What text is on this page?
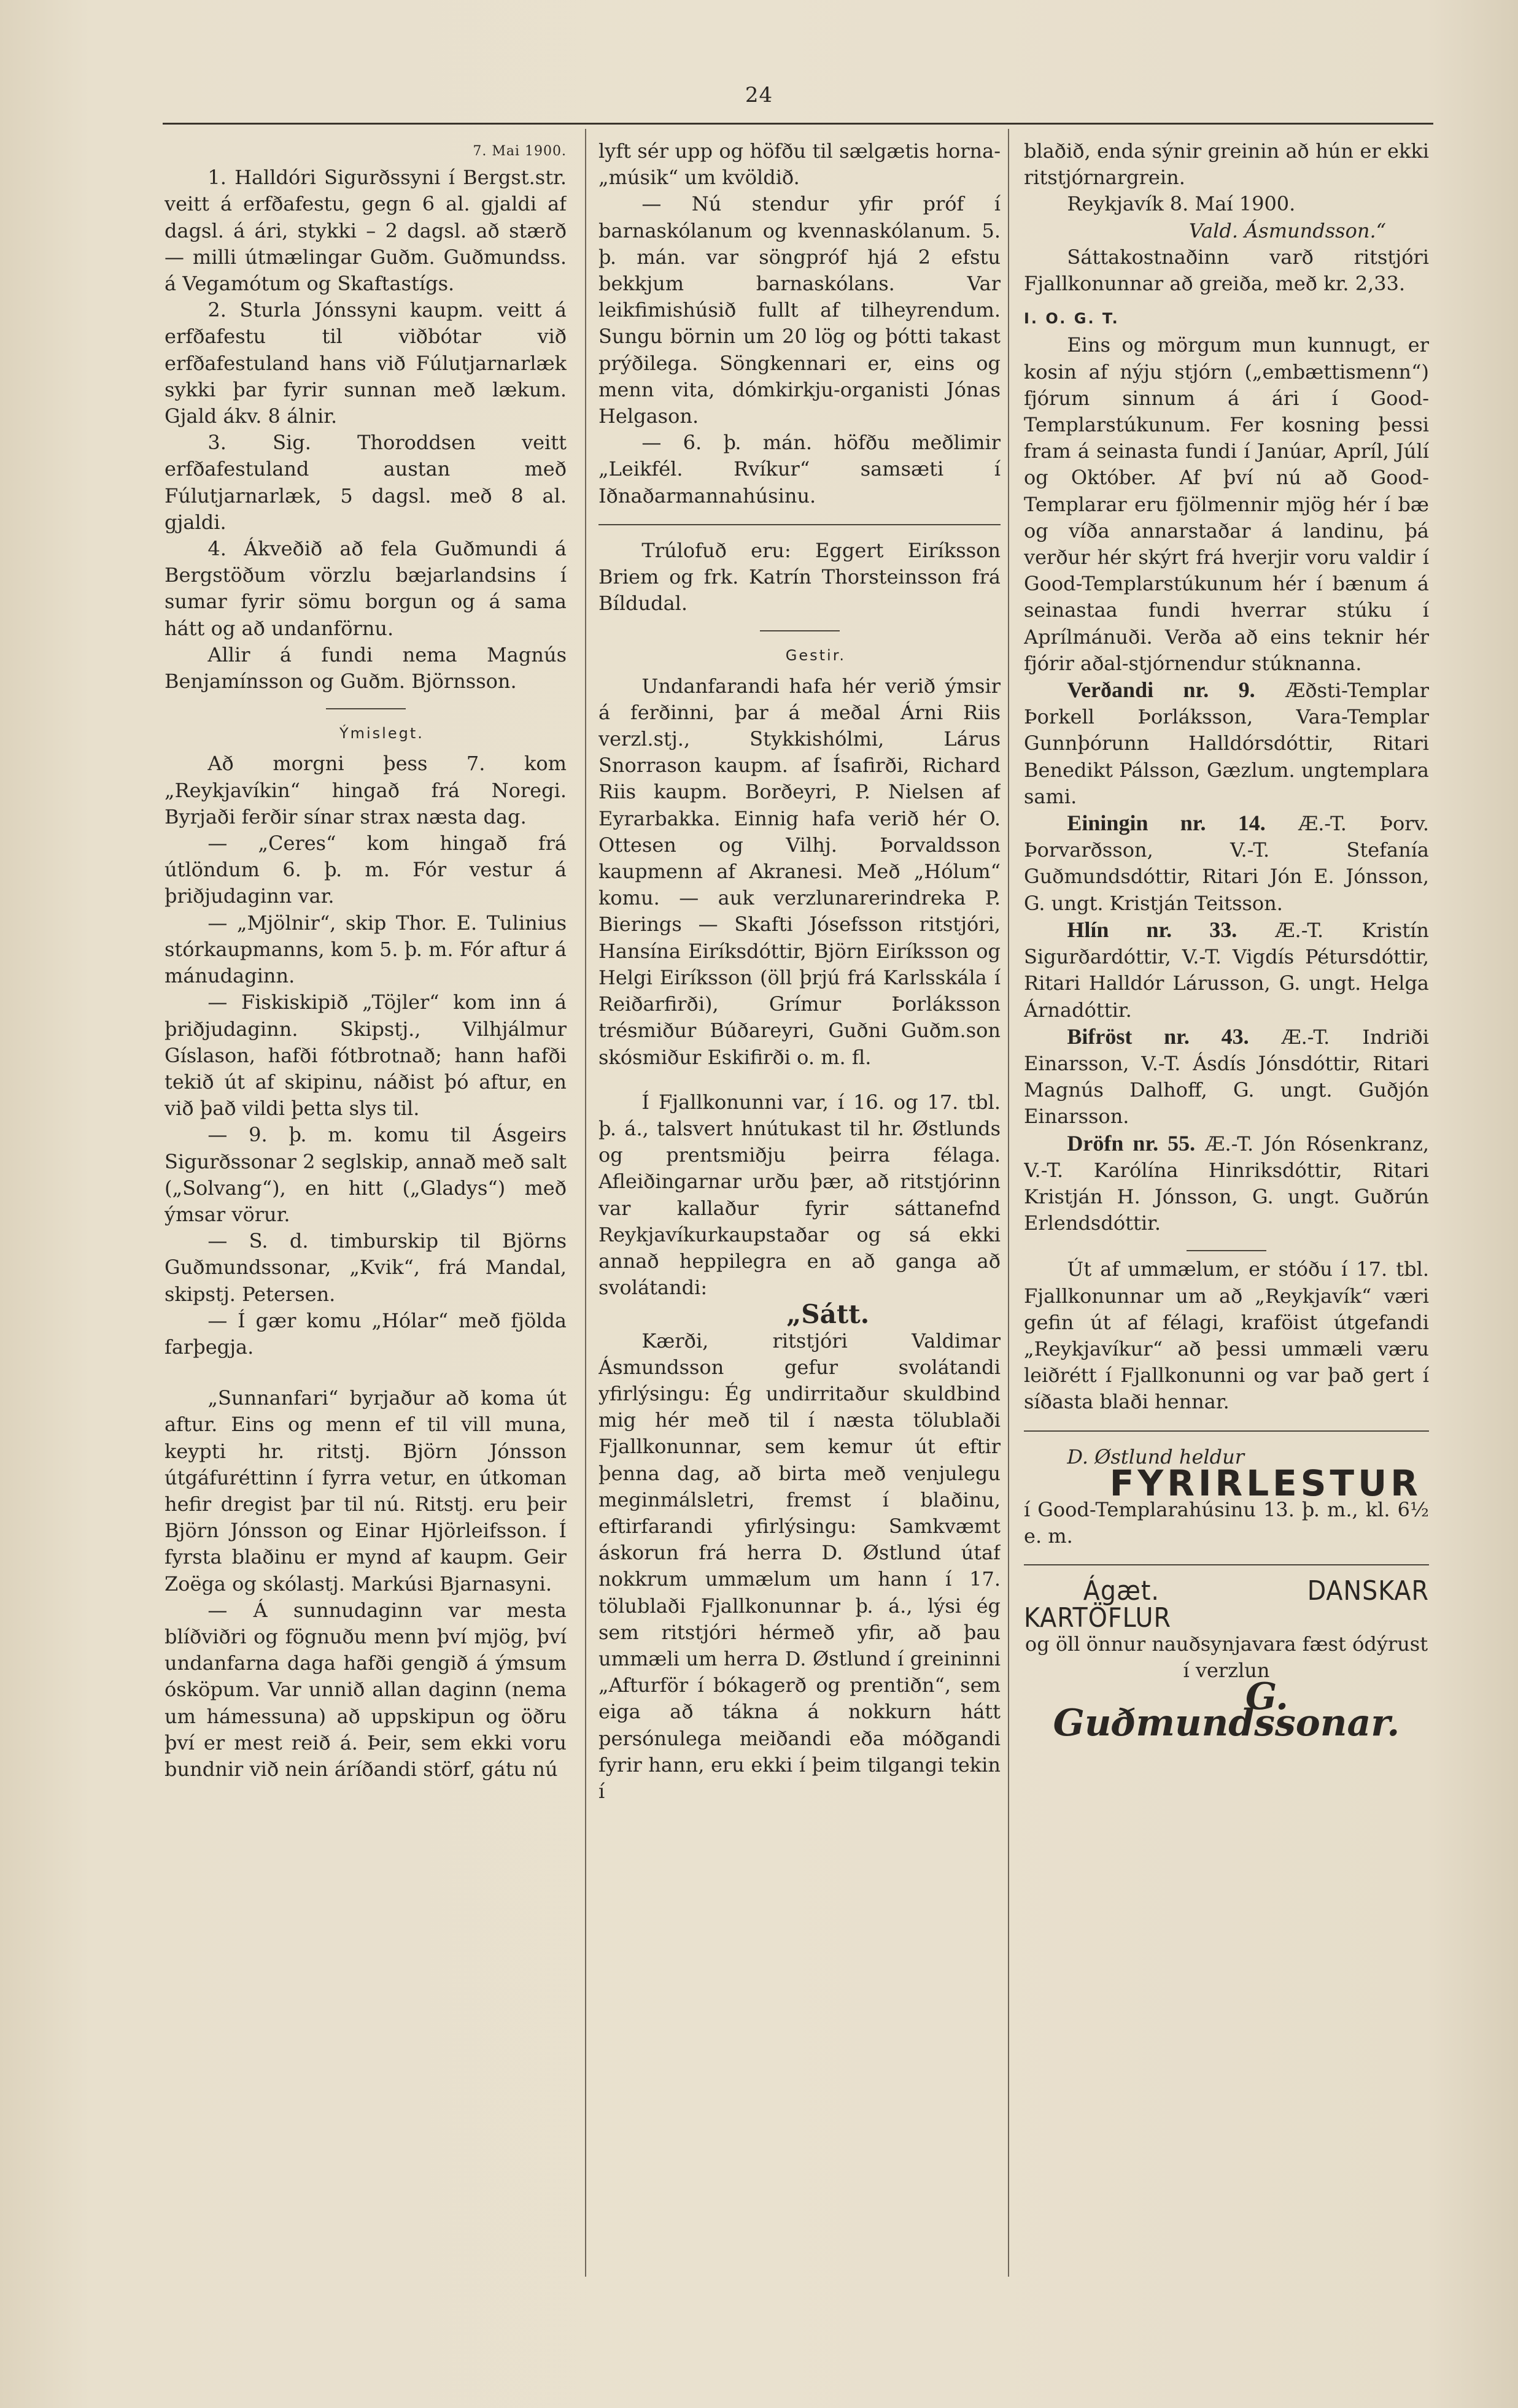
24

7. Mai 1900.

1. Halldóri Sigurðssyni í Bergst.str. veitt á erfðafestu, gegn 6 al. gjaldi af dagsl. á ári, stykki – 2 dagsl. að stærð — milli útmælingar Guðm. Guðmundss. á Vegamótum og Skaftastígs.

2. Sturla Jónssyni kaupm. veitt á erfðafestu til viðbótar við erfðafestuland hans við Fúlutjarnarlæk sykki þar fyrir sunnan með lækum. Gjald ákv. 8 álnir.

3. Sig. Thoroddsen veitt erfðafestuland austan með Fúlutjarnarlæk, 5 dagsl. með 8 al. gjaldi.

4. Ákveðið að fela Guðmundi á Bergstöðum vörzlu bæjarlandsins í sumar fyrir sömu borgun og á sama hátt og að undanförnu.

Allir á fundi nema Magnús Benjamínsson og Guðm. Björnsson.

Ýmislegt.

Að morgni þess 7. kom „Reykjavíkin“ hingað frá Noregi. Byrjaði ferðir sínar strax næsta dag.

— „Ceres“ kom hingað frá útlöndum 6. þ. m. Fór vestur á þriðjudaginn var.

— „Mjölnir“, skip Thor. E. Tulinius stórkaupmanns, kom 5. þ. m. Fór aftur á mánudaginn.

— Fiskiskipið „Töjler“ kom inn á þriðjudaginn. Skipstj., Vilhjálmur Gíslason, hafði fótbrotnað; hann hafði tekið út af skipinu, náðist þó aftur, en við það vildi þetta slys til.

— 9. þ. m. komu til Ásgeirs Sigurðssonar 2 seglskip, annað með salt („Solvang“), en hitt („Gladys“) með ýmsar vörur.

— S. d. timburskip til Björns Guðmundssonar, „Kvik“, frá Mandal, skipstj. Petersen.

— Í gær komu „Hólar“ með fjölda farþegja.

„Sunnanfari“ byrjaður að koma út aftur. Eins og menn ef til vill muna, keypti hr. ritstj. Björn Jónsson útgáfuréttinn í fyrra vetur, en útkoman hefir dregist þar til nú. Ritstj. eru þeir Björn Jónsson og Einar Hjörleifsson. Í fyrsta blaðinu er mynd af kaupm. Geir Zoëga og skólastj. Markúsi Bjarnasyni.

— Á sunnudaginn var mesta blíðviðri og fögnuðu menn því mjög, því undanfarna daga hafði gengið á ýmsum ósköpum. Var unnið allan daginn (nema um hámessuna) að uppskipun og öðru því er mest reið á. Þeir, sem ekki voru bundnir við nein áríðandi störf, gátu nú

lyft sér upp og höfðu til sælgætis horna-„músik“ um kvöldið.

— Nú stendur yfir próf í barnaskólanum og kvennaskólanum. 5. þ. mán. var söngpróf hjá 2 efstu bekkjum barnaskólans. Var leikfimishúsið fullt af tilheyrendum. Sungu börnin um 20 lög og þótti takast prýðilega. Söngkennari er, eins og menn vita, dómkirkju-organisti Jónas Helgason.

— 6. þ. mán. höfðu meðlimir „Leikfél. Rvíkur“ samsæti í Iðnaðarmannahúsinu.

Trúlofuð eru: Eggert Eiríksson Briem og frk. Katrín Thorsteinsson frá Bíldudal.

Gestir.

Undanfarandi hafa hér verið ýmsir á ferðinni, þar á meðal Árni Riis verzl.stj., Stykkishólmi, Lárus Snorrason kaupm. af Ísafirði, Richard Riis kaupm. Borðeyri, P. Nielsen af Eyrarbakka. Einnig hafa verið hér O. Ottesen og Vilhj. Þorvaldsson kaupmenn af Akranesi. Með „Hólum“ komu. — auk verzlunarerindreka P. Bierings — Skafti Jósefsson ritstjóri, Hansína Eiríksdóttir, Björn Eiríksson og Helgi Eiríksson (öll þrjú frá Karlsskála í Reiðarfirði), Grímur Þorláksson trésmiður Búðareyri, Guðni Guðm.son skósmiður Eskifirði o. m. fl.

Í Fjallkonunni var, í 16. og 17. tbl. þ. á., talsvert hnútukast til hr. Østlunds og prentsmiðju þeirra félaga. Afleiðingarnar urðu þær, að ritstjórinn var kallaður fyrir sáttanefnd Reykjavíkurkaupstaðar og sá ekki annað heppilegra en að ganga að svolátandi:

„Sátt.

Kærði, ritstjóri Valdimar Ásmundsson gefur svolátandi yfirlýsingu: Ég undirritaður skuldbind mig hér með til í næsta tölublaði Fjallkonunnar, sem kemur út eftir þenna dag, að birta með venjulegu meginmálsletri, fremst í blaðinu, eftirfarandi yfirlýsingu: Samkvæmt áskorun frá herra D. Østlund útaf nokkrum ummælum um hann í 17. tölublaði Fjallkonunnar þ. á., lýsi ég sem ritstjóri hérmeð yfir, að þau ummæli um herra D. Østlund í greininni „Afturför í bókagerð og prentiðn“, sem eiga að tákna á nokkurn hátt persónulega meiðandi eða móðgandi fyrir hann, eru ekki í þeim tilgangi tekin í

blaðið, enda sýnir greinin að hún er ekki ritstjórnargrein.

Reykjavík 8. Maí 1900.

Vald. Ásmundsson.“

Sáttakostnaðinn varð ritstjóri Fjallkonunnar að greiða, með kr. 2,33.

I. O. G. T.

Eins og mörgum mun kunnugt, er kosin af nýju stjórn („embættismenn“) fjórum sinnum á ári í Good-Templarstúkunum. Fer kosning þessi fram á seinasta fundi í Janúar, Apríl, Júlí og Október. Af því nú að Good-Templarar eru fjölmennir mjög hér í bæ og víða annarstaðar á landinu, þá verður hér skýrt frá hverjir voru valdir í Good-Templarstúkunum hér í bænum á seinastaa fundi hverrar stúku í Aprílmánuði. Verða að eins teknir hér fjórir aðal-stjórnendur stúknanna.

Verðandi nr. 9. Æðsti-Templar Þorkell Þorláksson, Vara-Templar Gunnþórunn Halldórsdóttir, Ritari Benedikt Pálsson, Gæzlum. ungtemplara sami.

Einingin nr. 14. Æ.-T. Þorv. Þorvarðsson, V.-T. Stefanía Guðmundsdóttir, Ritari Jón E. Jónsson, G. ungt. Kristján Teitsson.

Hlín nr. 33. Æ.-T. Kristín Sigurðardóttir, V.-T. Vigdís Pétursdóttir, Ritari Halldór Lárusson, G. ungt. Helga Árnadóttir.

Bifröst nr. 43. Æ.-T. Indriði Einarsson, V.-T. Ásdís Jónsdóttir, Ritari Magnús Dalhoff, G. ungt. Guðjón Einarsson.

Dröfn nr. 55. Æ.-T. Jón Rósenkranz, V.-T. Karólína Hinriksdóttir, Ritari Kristján H. Jónsson, G. ungt. Guðrún Erlendsdóttir.

Út af ummælum, er stóðu í 17. tbl. Fjallkonunnar um að „Reykjavík“ væri gefin út af félagi, kraföist útgefandi „Reykjavíkur“ að þessi ummæli væru leiðrétt í Fjallkonunni og var það gert í síðasta blaði hennar.

D. Østlund heldur

FYRIRLESTUR

í Good-Templarahúsinu 13. þ. m., kl. 6½ e. m.

Ágæt. DANSKAR KARTÖFLUR

og öll önnur nauðsynjavara fæst ódýrust í verzlun

G. Guðmundssonar.
